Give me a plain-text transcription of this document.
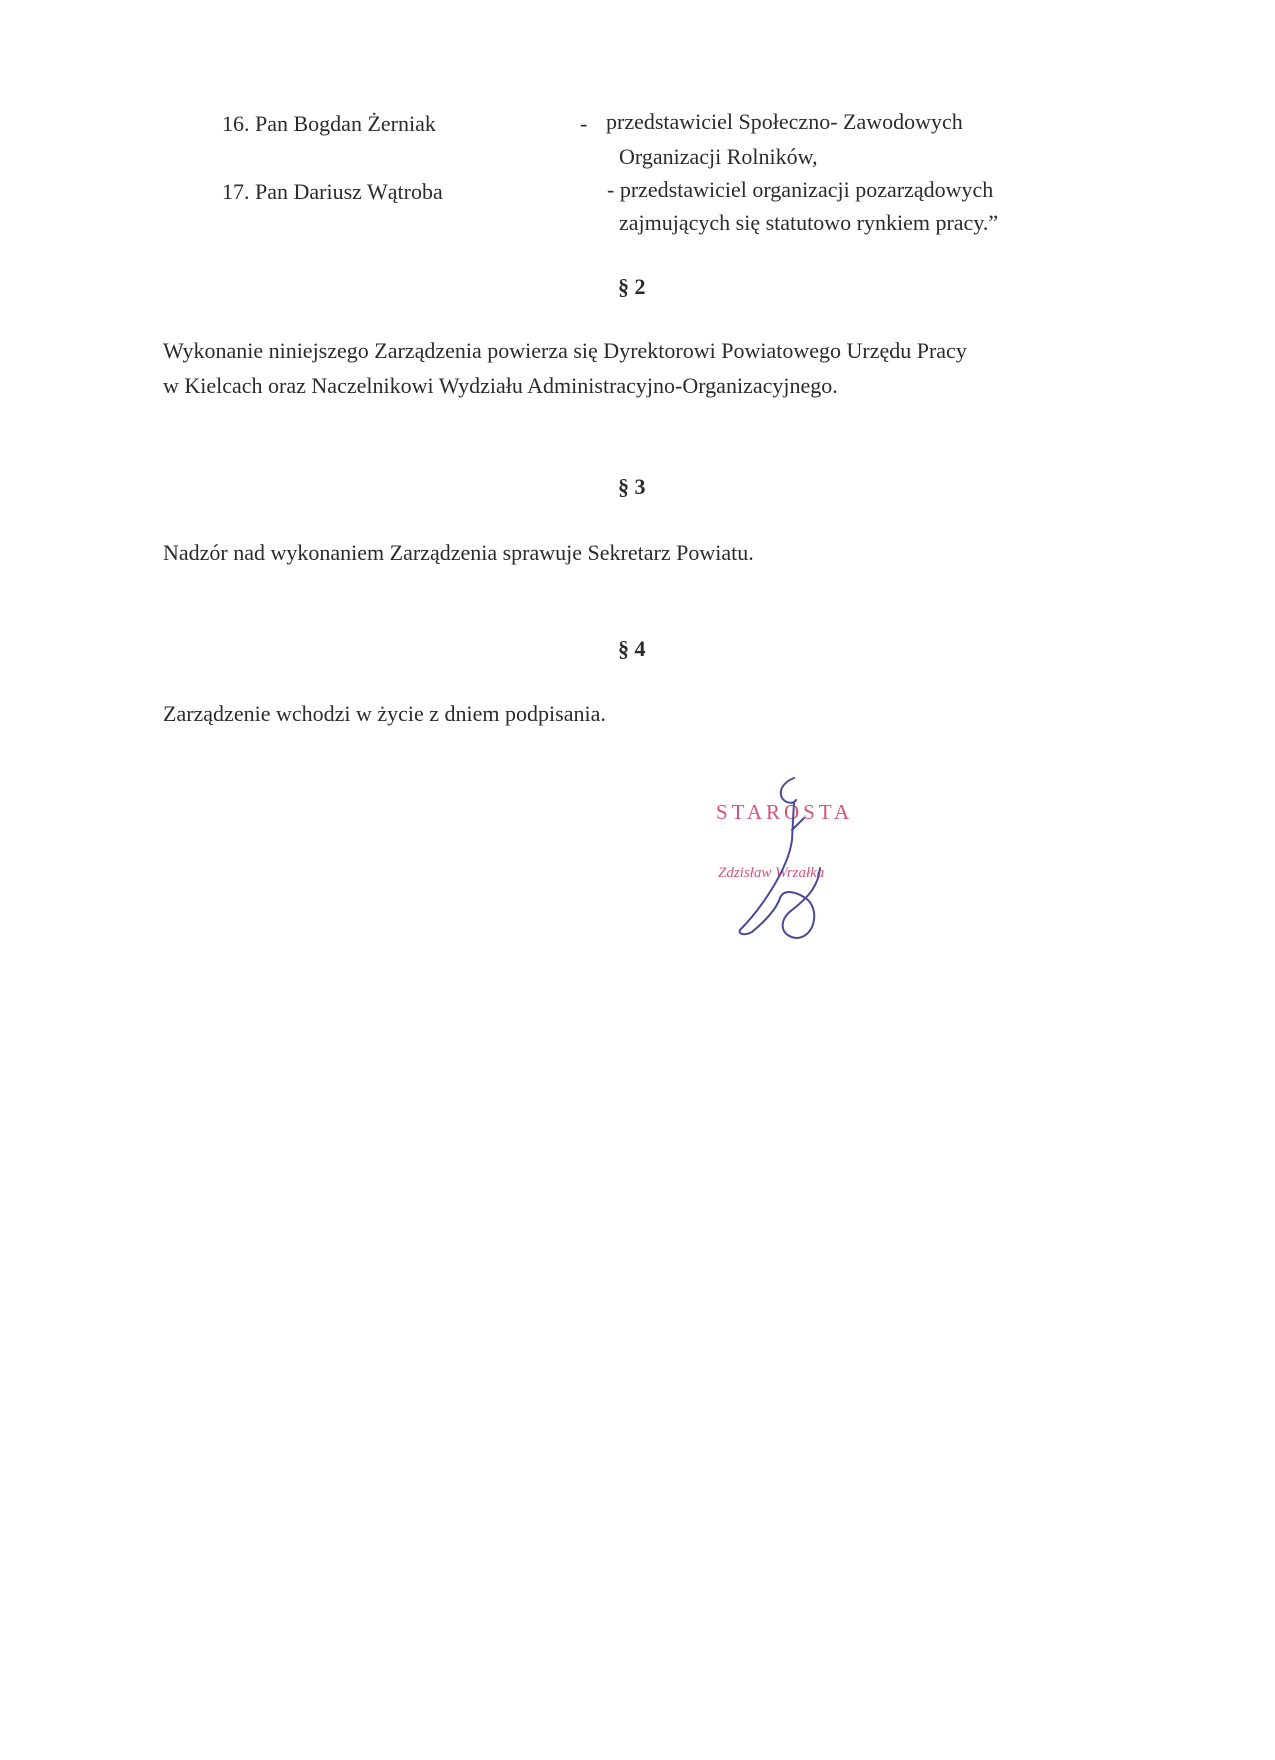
16. Pan Bogdan Żerniak	- przedstawiciel Społeczno- Zawodowych
Organizacji Rolników,
17. Pan Dariusz Wątroba	- przedstawiciel organizacji pozarządowych
zajmujących się statutowo rynkiem pracy.”
§ 2
Wykonanie niniejszego Zarządzenia powierza się Dyrektorowi Powiatowego Urzędu Pracy
w Kielcach oraz Naczelnikowi Wydziału Administracyjno-Organizacyjnego.
§ 3
Nadzór nad wykonaniem Zarządzenia sprawuje Sekretarz Powiatu.
§ 4
Zarządzenie wchodzi w życie z dniem podpisania.
STAROSTA
Zdzisław Wrzałka
